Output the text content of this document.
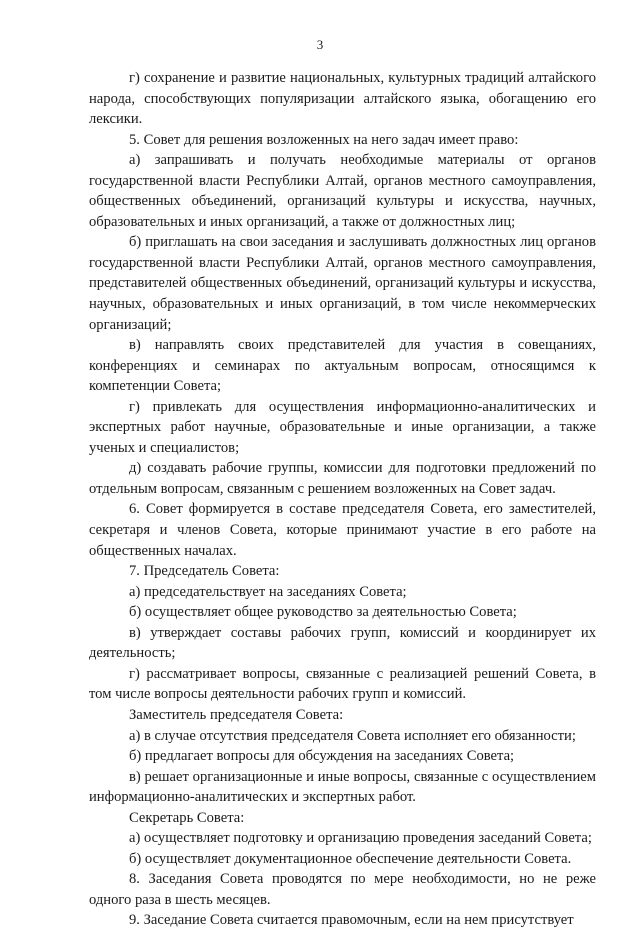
3

г) сохранение и развитие национальных, культурных традиций алтайского народа, способствующих популяризации алтайского языка, обогащению его лексики.

5. Совет для решения возложенных на него задач имеет право:

а) запрашивать и получать необходимые материалы от органов государственной власти Республики Алтай, органов местного самоуправления, общественных объединений, организаций культуры и искусства, научных, образовательных и иных организаций, а также от должностных лиц;

б) приглашать на свои заседания и заслушивать должностных лиц органов государственной власти Республики Алтай, органов местного самоуправления, представителей общественных объединений, организаций культуры и искусства, научных, образовательных и иных организаций, в том числе некоммерческих организаций;

в) направлять своих представителей для участия в совещаниях, конференциях и семинарах по актуальным вопросам, относящимся к компетенции Совета;

г) привлекать для осуществления информационно-аналитических и экспертных работ научные, образовательные и иные организации, а также ученых и специалистов;

д) создавать рабочие группы, комиссии для подготовки предложений по отдельным вопросам, связанным с решением возложенных на Совет задач.

6. Совет формируется в составе председателя Совета, его заместителей, секретаря и членов Совета, которые принимают участие в его работе на общественных началах.

7. Председатель Совета:

а) председательствует на заседаниях Совета;

б) осуществляет общее руководство за деятельностью Совета;

в) утверждает составы рабочих групп, комиссий и координирует их деятельность;

г) рассматривает вопросы, связанные с реализацией решений Совета, в том числе вопросы деятельности рабочих групп и комиссий.

Заместитель председателя Совета:

а) в случае отсутствия председателя Совета исполняет его обязанности;

б) предлагает вопросы для обсуждения на заседаниях Совета;

в) решает организационные и иные вопросы, связанные с осуществлением информационно-аналитических и экспертных работ.

Секретарь Совета:

а) осуществляет подготовку и организацию проведения заседаний Совета;

б) осуществляет документационное обеспечение деятельности Совета.

8. Заседания Совета проводятся по мере необходимости, но не реже одного раза в шесть месяцев.

9. Заседание Совета считается правомочным, если на нем присутствует
